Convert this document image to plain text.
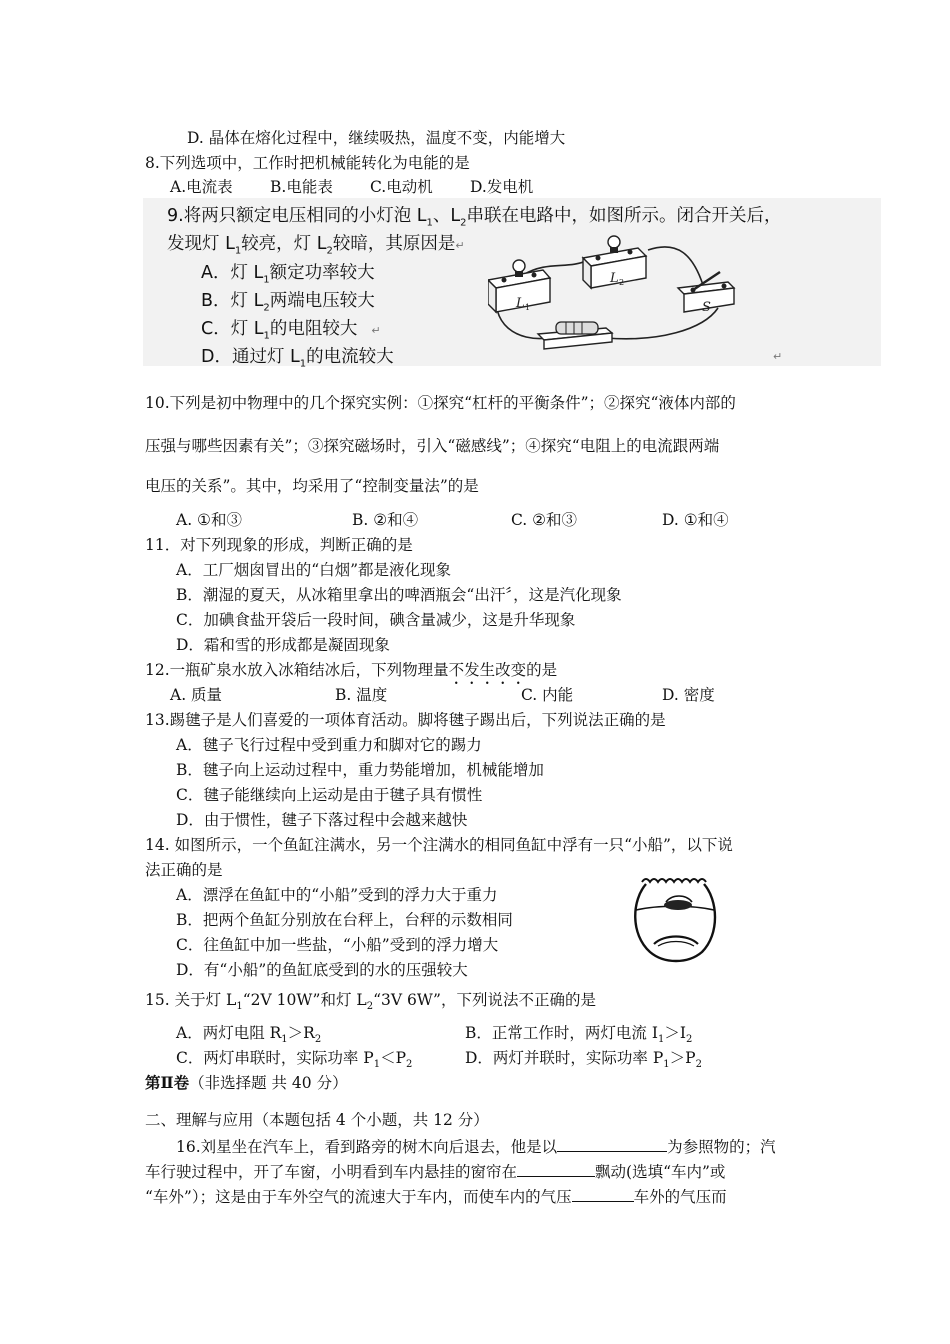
D. 晶体在熔化过程中，继续吸热，温度不变，内能增大
8.下列选项中，工作时把机械能转化为电能的是
A.电流表 B.电能表 C.电动机 D.发电机
9.将两只额定电压相同的小灯泡 $L_1$、$L_2$串联在电路中，如图所示。闭合开关后，
发现灯 $L_1$较亮，灯 $L_2$较暗，其原因是↵
A．灯 $L_1$额定功率较大
B．灯 $L_2$两端电压较大
C．灯 $L_1$的电阻较大 ↵
D．通过灯 $L_1$的电流较大	↵
L 1
L 2
S
10.下列是初中物理中的几个探究实例：①探究“杠杆的平衡条件”；②探究“液体内部的
压强与哪些因素有关”；③探究磁场时，引入“磁感线”；④探究“电阻上的电流跟两端
电压的关系”。其中，均采用了“控制变量法”的是
A. ①和③	B. ②和④	C. ②和③	D. ①和④
11．对下列现象的形成，判断正确的是
A．工厂烟囱冒出的“白烟”都是液化现象
B．潮湿的夏天，从冰箱里拿出的啤酒瓶会“出汗〞，这是汽化现象
C．加碘食盐开袋后一段时间，碘含量减少，这是升华现象
D．霜和雪的形成都是凝固现象
12.一瓶矿泉水放入冰箱结冰后，下列物理量不发生改变的是
A. 质量	B. 温度	C. 内能	D. 密度
13.踢毽子是人们喜爱的一项体育活动。脚将毽子踢出后，下列说法正确的是
A．毽子飞行过程中受到重力和脚对它的踢力
B．毽子向上运动过程中，重力势能增加，机械能增加
C．毽子能继续向上运动是由于毽子具有惯性
D．由于惯性，毽子下落过程中会越来越快
14. 如图所示，一个鱼缸注满水，另一个注满水的相同鱼缸中浮有一只“小船”，以下说
法正确的是
A．漂浮在鱼缸中的“小船”受到的浮力大于重力
B．把两个鱼缸分别放在台秤上，台秤的示数相同
C．往鱼缸中加一些盐，“小船”受到的浮力增大
D．有“小船”的鱼缸底受到的水的压强较大
15. 关于灯 $L_1“2V$ 10W”和灯 $L_2“3V$ 6W”，下列说法不正确的是
A．两灯电阻 $R_1>R_2$	B．正常工作时，两灯电流 $I_1>I_2$
C．两灯串联时，实际功率 $P_1<P_2$	D．两灯并联时，实际功率 $P_1>P_2$
第Ⅱ卷（非选择题 共 40 分）
二、理解与应用（本题包括 4 个小题，共 12 分）
16.刘星坐在汽车上，看到路旁的树木向后退去，他是以	为参照物的；汽
车行驶过程中，开了车窗，小明看到车内悬挂的窗帘在	飘动(选填“车内”或
“车外”）；这是由于车外空气的流速大于车内，而使车内的气压	车外的气压而
